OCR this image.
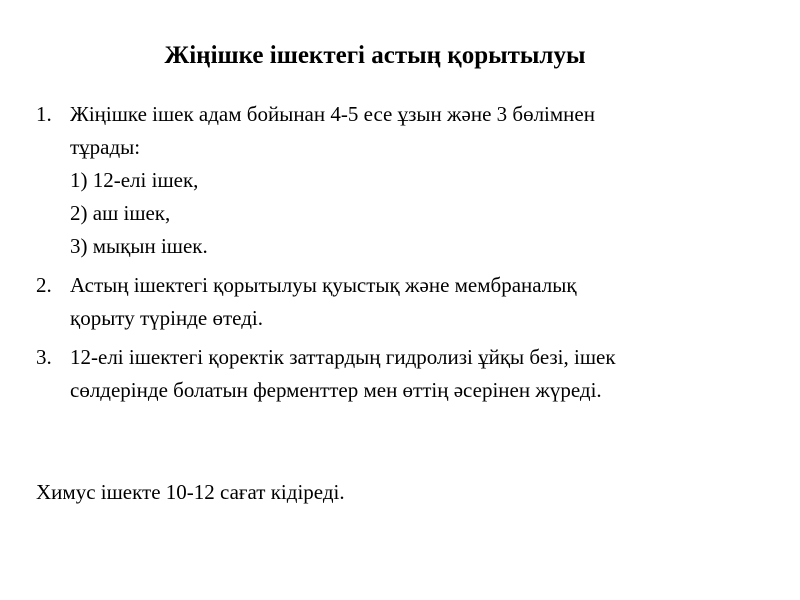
Жіңішке ішектегі астың қорытылуы
1. Жіңішке ішек адам бойынан 4-5 есе ұзын және 3 бөлімнен
тұрады:
1) 12-елі ішек,
2) аш ішек,
3) мықын ішек.
2. Астың ішектегі қорытылуы қуыстық және мембраналық
қорыту түрінде өтеді.
3. 12-елі ішектегі қоректік заттардың гидролизі ұйқы безі, ішек
сөлдерінде болатын ферменттер мен өттің әсерінен жүреді.
Химус ішекте 10-12 сағат кідіреді.
